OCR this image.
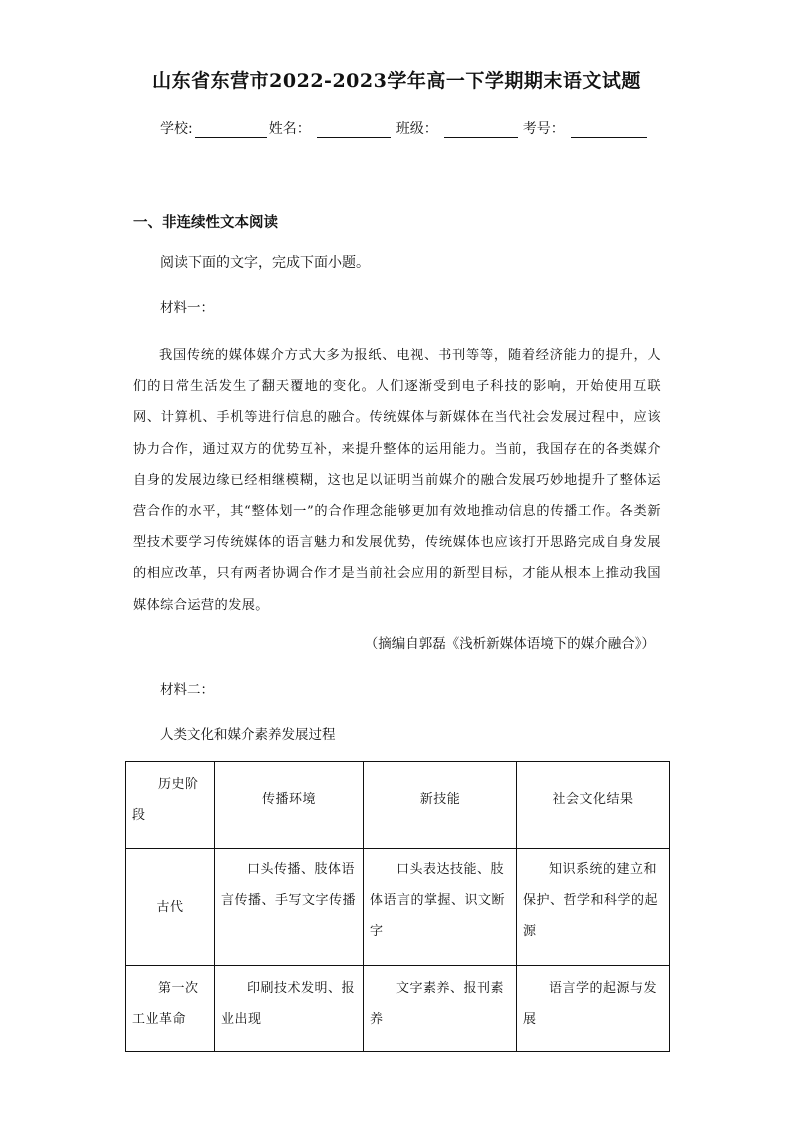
山东省东营市2022-2023学年高一下学期期末语文试题
学校:	姓名：	班级：	考号：
一、非连续性文本阅读
阅读下面的文字，完成下面小题。
材料一：
我国传统的媒体媒介方式大多为报纸、电视、书刊等等，随着经济能力的提升，人们的日常生活发生了翻天覆地的变化。人们逐渐受到电子科技的影响，开始使用互联网、计算机、手机等进行信息的融合。传统媒体与新媒体在当代社会发展过程中，应该协力合作，通过双方的优势互补，来提升整体的运用能力。当前，我国存在的各类媒介自身的发展边缘已经相继模糊，这也足以证明当前媒介的融合发展巧妙地提升了整体运营合作的水平，其“整体划一”的合作理念能够更加有效地推动信息的传播工作。各类新型技术要学习传统媒体的语言魅力和发展优势，传统媒体也应该打开思路完成自身发展的相应改革，只有两者协调合作才是当前社会应用的新型目标，才能从根本上推动我国媒体综合运营的发展。
（摘编自郭磊《浅析新媒体语境下的媒介融合》）
材料二：
人类文化和媒介素养发展过程
历史阶段	传播环境	新技能	社会文化结果

古代	口头传播、肢体语言传播、手写文字传播	口头表达技能、肢体语言的掌握、识文断字	知识系统的建立和保护、哲学和科学的起源

第一次工业革命	印刷技术发明、报业出现	文字素养、报刊素养	语言学的起源与发展
